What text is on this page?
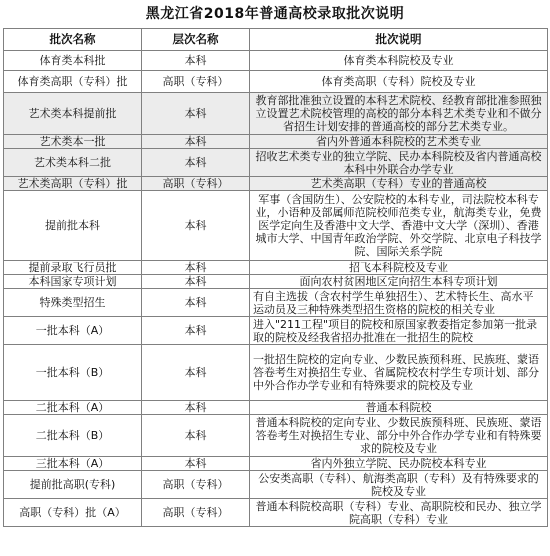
黑龙江省2018年普通高校录取批次说明
批次名称	层次名称	批次说明
体育类本科批	本科	体育类本科院校及专业
体育类高职（专科）批	高职（专科）	体育类高职（专科）院校及专业
艺术类本科提前批	本科	教育部批准独立设置的本科艺术院校、经教育部批准参照独立设置艺术院校管理的高校的部分本科艺术类专业和不做分省招生计划安排的普通高校的部分艺术类专业。
艺术类本一批	本科	省内外普通本科院校的艺术类专业
艺术类本科二批	本科	招收艺术类专业的独立学院、民办本科院校及省内普通高校本科中外联合办学专业
艺术类高职（专科）批	高职（专科）	艺术类高职（专科）专业的普通高校
提前批本科	本科	军事（含国防生）、公安院校的本科专业，司法院校本科专业，小语种及部属师范院校师范类专业，航海类专业，免费医学定向生及香港中文大学、香港中文大学（深圳）、香港城市大学、中国青年政治学院、外交学院、北京电子科技学院、国际关系学院
提前录取飞行员批	本科	招飞本科院校及专业
本科国家专项计划	本科	面向农村贫困地区定向招生本科专项计划
特殊类型招生	本科	有自主选拔（含农村学生单独招生）、艺术特长生、高水平运动员及三种特殊类型招生资格的院校的相关专业
一批本科（A）	本科	进入"211工程"项目的院校和原国家教委指定参加第一批录取的院校及经我省招办批准在一批招生的院校
一批本科（B）	本科	一批招生院校的定向专业、少数民族预科班、民族班、蒙语答卷考生对换招生专业、省属院校农村学生专项计划、部分中外合作办学专业和有特殊要求的院校及专业
二批本科（A）	本科	普通本科院校
二批本科（B）	本科	普通本科院校的定向专业、少数民族预科班、民族班、蒙语答卷考生对换招生专业、部分中外合作办学专业和有特殊要求的院校及专业
三批本科（A）	本科	省内外独立学院、民办院校本科专业
提前批高职(专科)	高职（专科）	公安类高职（专科）、航海类高职（专科）及有特殊要求的院校及专业
高职（专科）批（A）	高职（专科）	普通本科院校高职（专科）专业、高职院校和民办、独立学院高职（专科）专业
